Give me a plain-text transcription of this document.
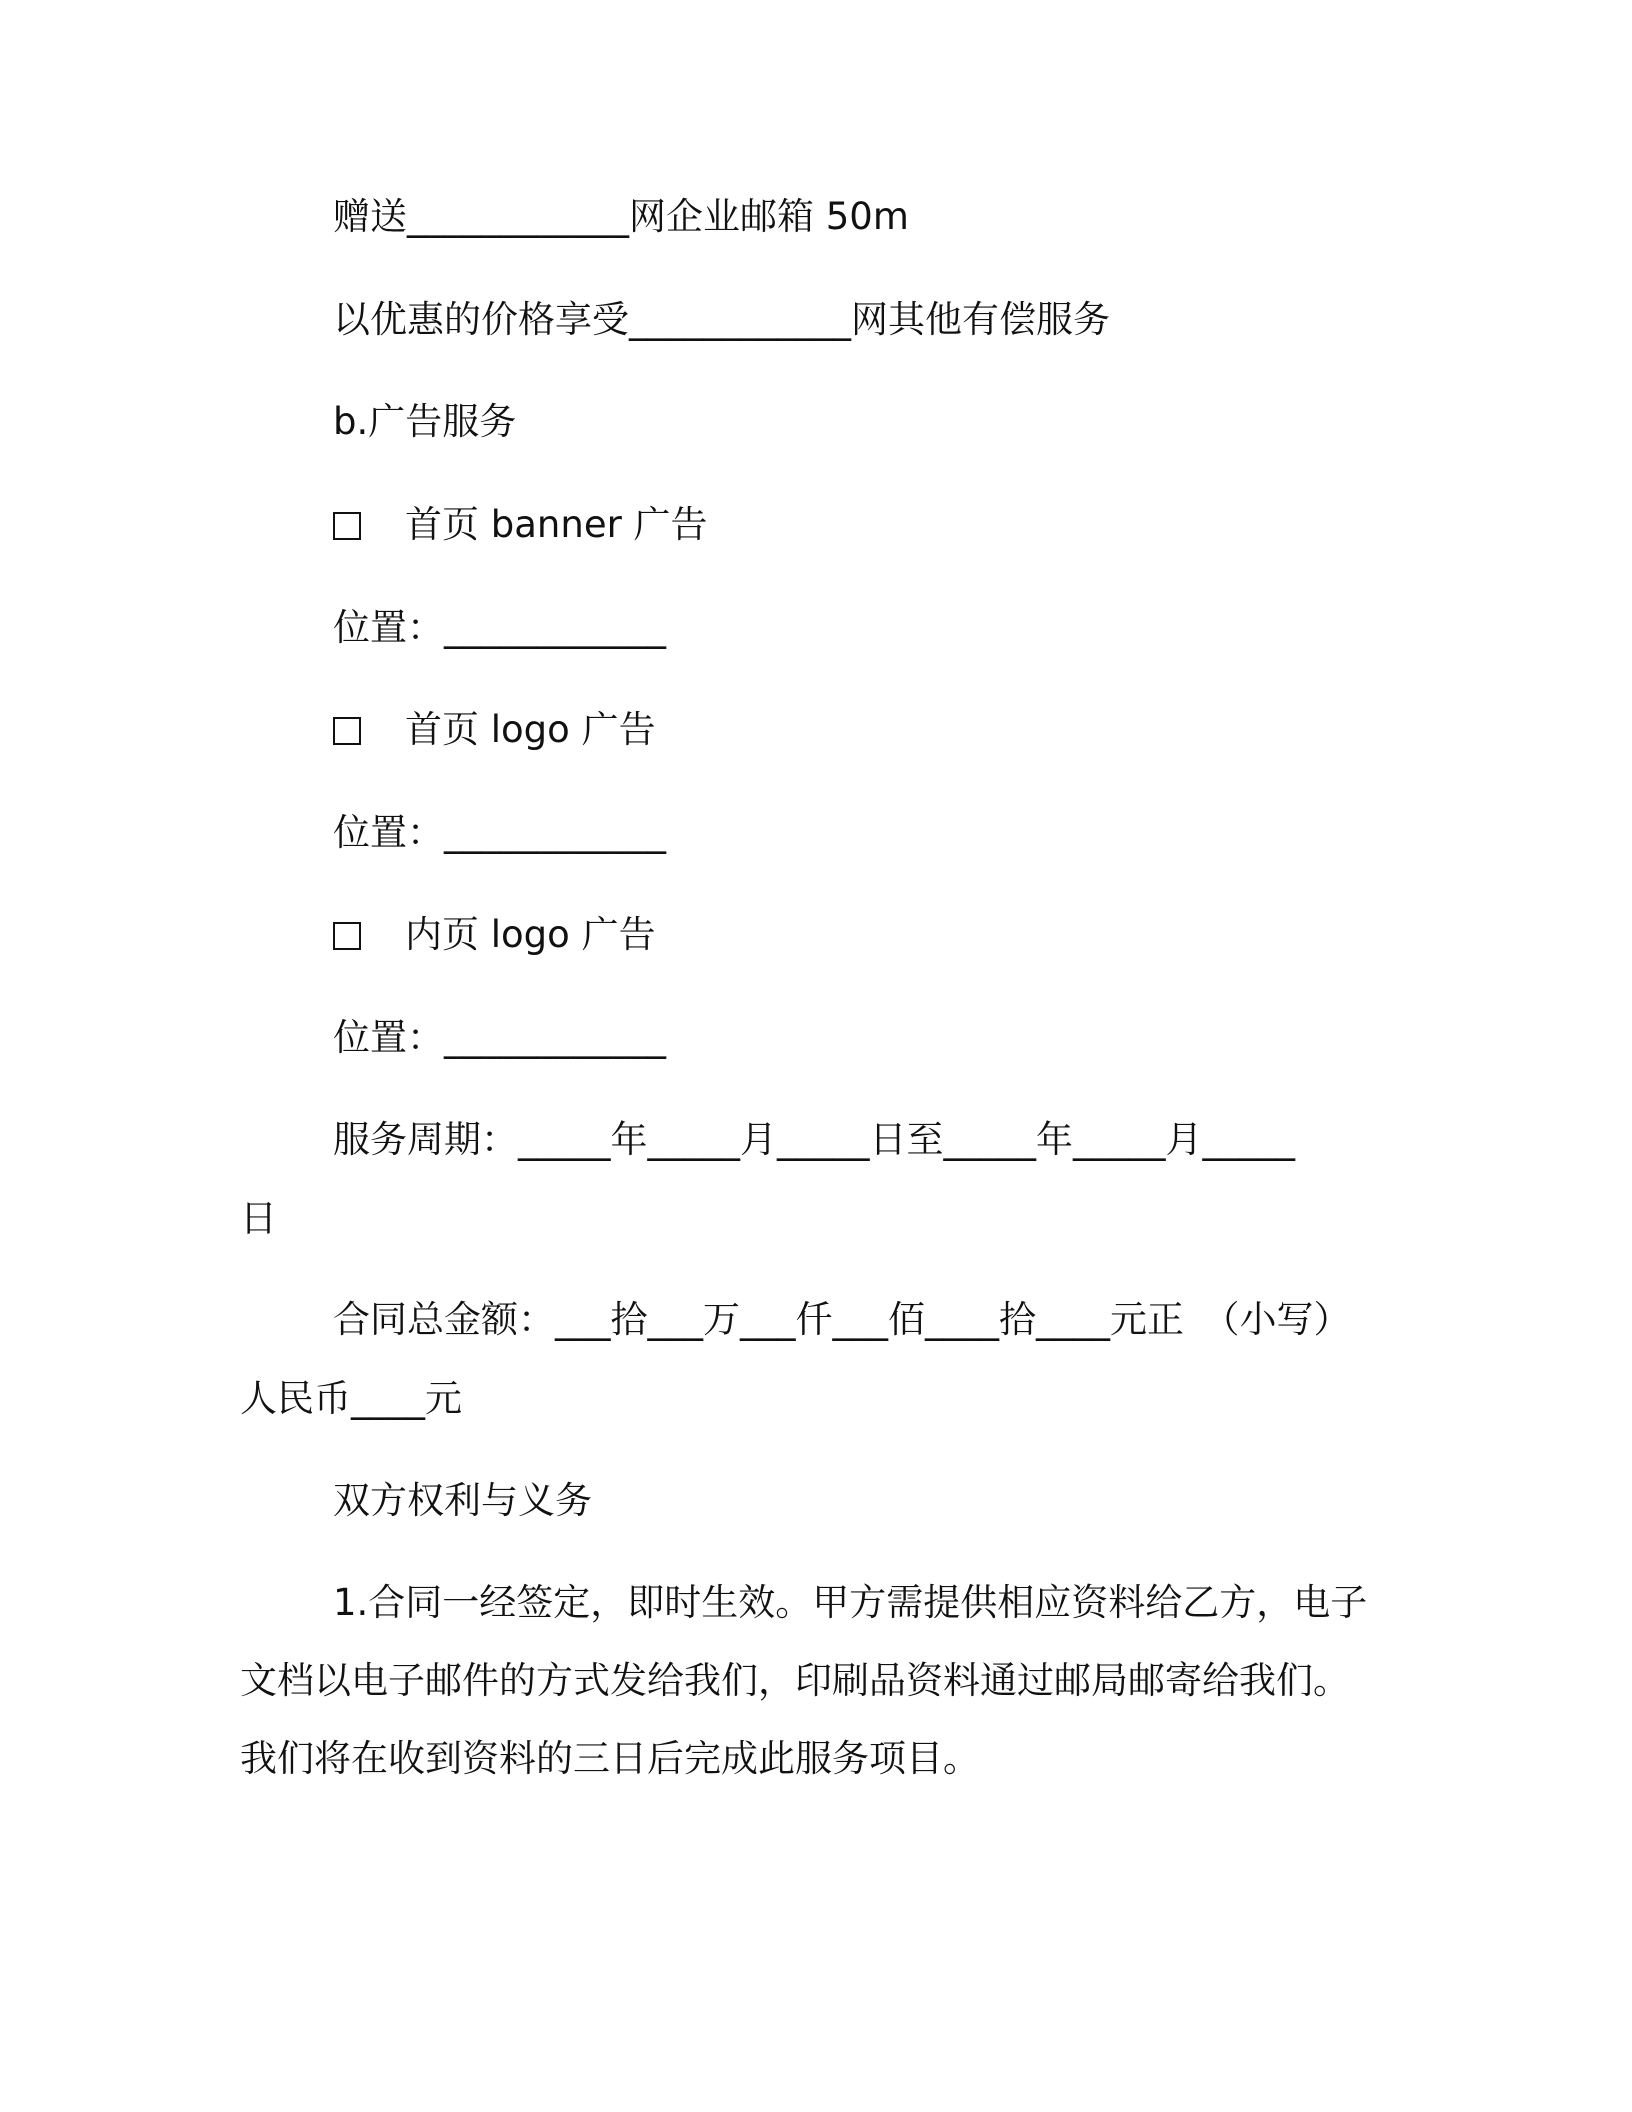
赠送____________网企业邮箱 50m
以优惠的价格享受____________网其他有偿服务
b.广告服务
首页 banner 广告
位置：____________
首页 logo 广告
位置：____________
内页 logo 广告
位置：____________
服务周期：_____年_____月_____日至_____年_____月_____
日
合同总金额：___拾___万___仟___佰____拾____元正　（小写）
人民币____元
双方权利与义务
1.合同一经签定，即时生效。甲方需提供相应资料给乙方，电子
文档以电子邮件的方式发给我们，印刷品资料通过邮局邮寄给我们。
我们将在收到资料的三日后完成此服务项目。
